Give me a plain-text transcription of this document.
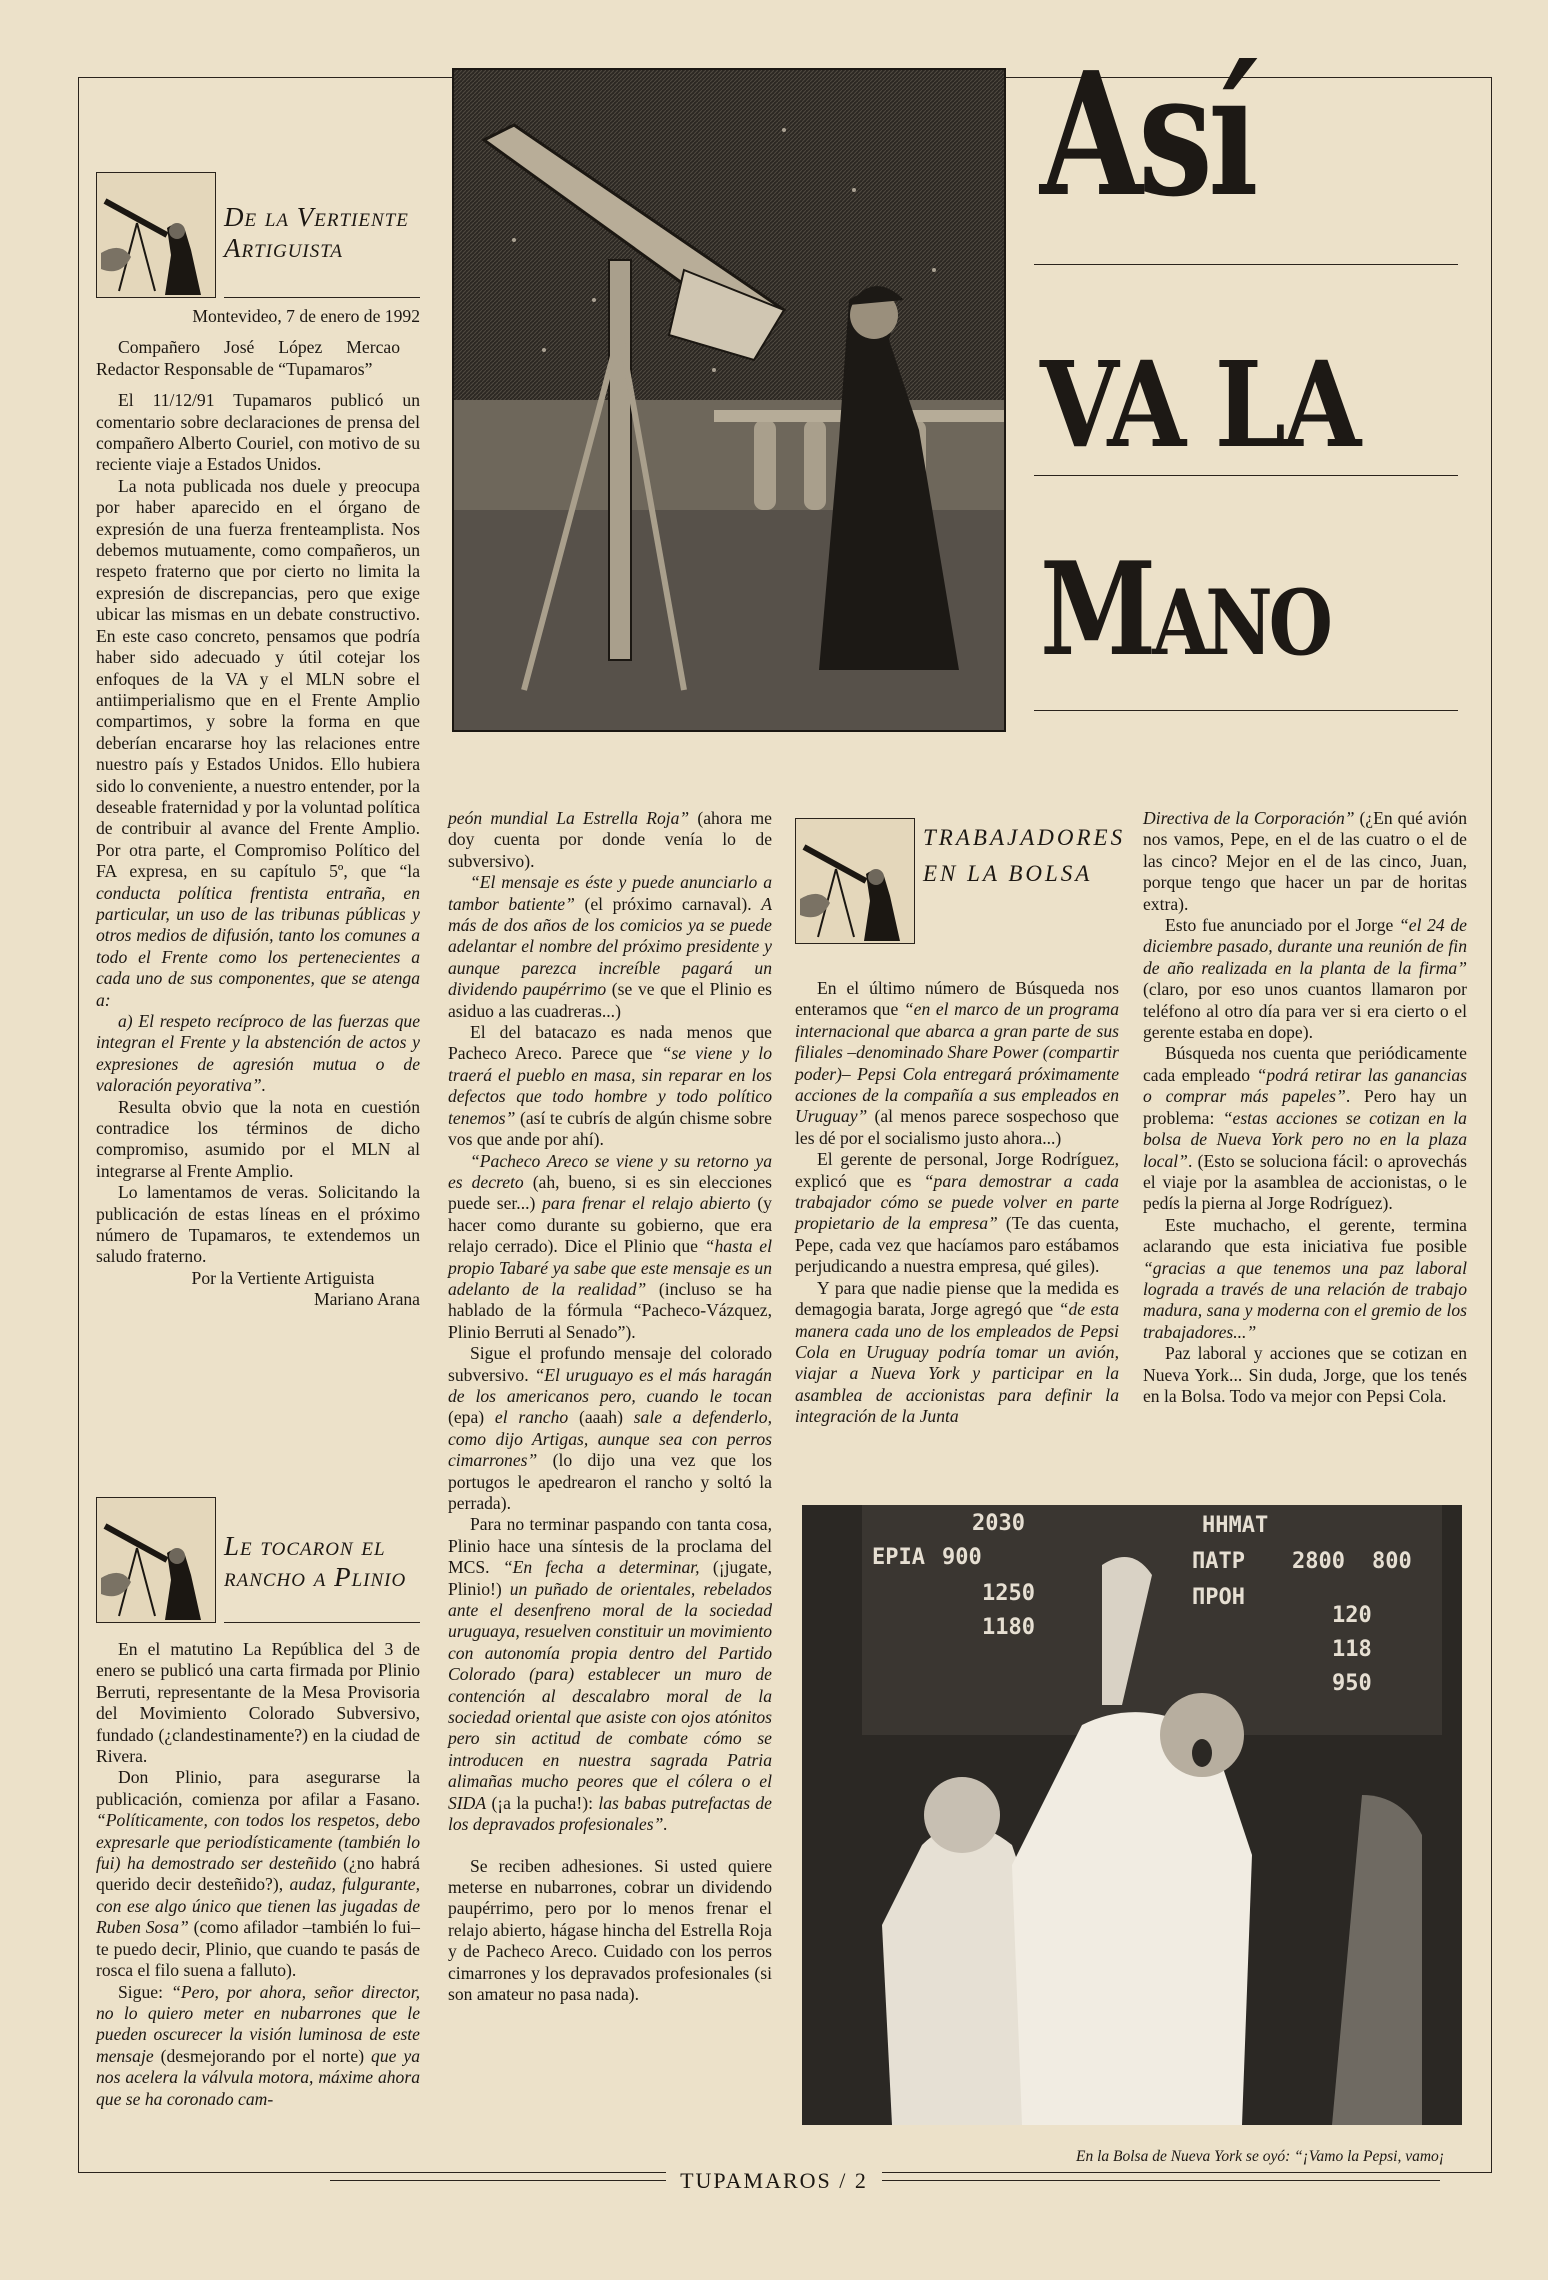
Así
VA LA
Mano
De la Vertiente Artiguista

Montevideo, 7 de enero de 1992

Compañero José López Mercao Redactor Responsable de “Tupamaros”

El 11/12/91 Tupamaros publicó un comentario sobre declaraciones de prensa del compañero Alberto Couriel, con motivo de su reciente viaje a Estados Unidos.

La nota publicada nos duele y preocupa por haber aparecido en el órgano de expresión de una fuerza frenteamplista. Nos debemos mutuamente, como compañeros, un respeto fraterno que por cierto no limita la expresión de discrepancias, pero que exige ubicar las mismas en un debate constructivo. En este caso concreto, pensamos que podría haber sido adecuado y útil cotejar los enfoques de la VA y el MLN sobre el antiimperialismo que en el Frente Amplio compartimos, y sobre la forma en que deberían encararse hoy las relaciones entre nuestro país y Estados Unidos. Ello hubiera sido lo conveniente, a nuestro entender, por la deseable fraternidad y por la voluntad política de contribuir al avance del Frente Amplio. Por otra parte, el Compromiso Político del FA expresa, en su capítulo 5º, que “la conducta política frentista entraña, en particular, un uso de las tribunas públicas y otros medios de difusión, tanto los comunes a todo el Frente como los pertenecientes a cada uno de sus componentes, que se atenga a:

a) El respeto recíproco de las fuerzas que integran el Frente y la abstención de actos y expresiones de agresión mutua o de valoración peyorativa”.

Resulta obvio que la nota en cuestión contradice los términos de dicho compromiso, asumido por el MLN al integrarse al Frente Amplio.

Lo lamentamos de veras. Solicitando la publicación de estas líneas en el próximo número de Tupamaros, te extendemos un saludo fraterno.

Por la Vertiente Artiguista

Mariano Arana

Le tocaron el rancho a Plinio

En el matutino La República del 3 de enero se publicó una carta firmada por Plinio Berruti, representante de la Mesa Provisoria del Movimiento Colorado Subversivo, fundado (¿clandestinamente?) en la ciudad de Rivera.

Don Plinio, para asegurarse la publicación, comienza por afilar a Fasano. “Políticamente, con todos los respetos, debo expresarle que periodísticamente (también lo fui) ha demostrado ser desteñido (¿no habrá querido decir desteñido?), audaz, fulgurante, con ese algo único que tienen las jugadas de Ruben Sosa” (como afilador –también lo fui– te puedo decir, Plinio, que cuando te pasás de rosca el filo suena a falluto).

Sigue: “Pero, por ahora, señor director, no lo quiero meter en nubarrones que le pueden oscurecer la visión luminosa de este mensaje (desmejorando por el norte) que ya nos acelera la válvula motora, máxime ahora que se ha coronado cam-

peón mundial La Estrella Roja” (ahora me doy cuenta por donde venía lo de subversivo).

“El mensaje es éste y puede anunciarlo a tambor batiente” (el próximo carnaval). A más de dos años de los comicios ya se puede adelantar el nombre del próximo presidente y aunque parezca increíble pagará un dividendo paupérrimo (se ve que el Plinio es asiduo a las cuadreras...)

El del batacazo es nada menos que Pacheco Areco. Parece que “se viene y lo traerá el pueblo en masa, sin reparar en los defectos que todo hombre y todo político tenemos” (así te cubrís de algún chisme sobre vos que ande por ahí).

“Pacheco Areco se viene y su retorno ya es decreto (ah, bueno, si es sin elecciones puede ser...) para frenar el relajo abierto (y hacer como durante su gobierno, que era relajo cerrado). Dice el Plinio que “hasta el propio Tabaré ya sabe que este mensaje es un adelanto de la realidad” (incluso se ha hablado de la fórmula “Pacheco-Vázquez, Plinio Berruti al Senado”).

Sigue el profundo mensaje del colorado subversivo. “El uruguayo es el más haragán de los americanos pero, cuando le tocan (epa) el rancho (aaah) sale a defenderlo, como dijo Artigas, aunque sea con perros cimarrones” (lo dijo una vez que los portugos le apedrearon el rancho y soltó la perrada).

Para no terminar paspando con tanta cosa, Plinio hace una síntesis de la proclama del MCS. “En fecha a determinar, (¡jugate, Plinio!) un puñado de orientales, rebelados ante el desenfreno moral de la sociedad uruguaya, resuelven constituir un movimiento con autonomía propia dentro del Partido Colorado (para) establecer un muro de contención al descalabro moral de la sociedad oriental que asiste con ojos atónitos pero sin actitud de combate cómo se introducen en nuestra sagrada Patria alimañas mucho peores que el cólera o el SIDA (¡a la pucha!): las babas putrefactas de los depravados profesionales”.

Se reciben adhesiones. Si usted quiere meterse en nubarrones, cobrar un dividendo paupérrimo, pero por lo menos frenar el relajo abierto, hágase hincha del Estrella Roja y de Pacheco Areco. Cuidado con los perros cimarrones y los depravados profesionales (si son amateur no pasa nada).

TRABAJADORES EN LA BOLSA

En el último número de Búsqueda nos enteramos que “en el marco de un programa internacional que abarca a gran parte de sus filiales –denominado Share Power (compartir poder)– Pepsi Cola entregará próximamente acciones de la compañía a sus empleados en Uruguay” (al menos parece sospechoso que les dé por el socialismo justo ahora...)

El gerente de personal, Jorge Rodríguez, explicó que es “para demostrar a cada trabajador cómo se puede volver en parte propietario de la empresa” (Te das cuenta, Pepe, cada vez que hacíamos paro estábamos perjudicando a nuestra empresa, qué giles).

Y para que nadie piense que la medida es demagogia barata, Jorge agregó que “de esta manera cada uno de los empleados de Pepsi Cola en Uruguay podría tomar un avión, viajar a Nueva York y participar en la asamblea de accionistas para definir la integración de la Junta

Directiva de la Corporación” (¿En qué avión nos vamos, Pepe, en el de las cuatro o el de las cinco? Mejor en el de las cinco, Juan, porque tengo que hacer un par de horitas extra).

Esto fue anunciado por el Jorge “el 24 de diciembre pasado, durante una reunión de fin de año realizada en la planta de la firma” (claro, por eso unos cuantos llamaron por teléfono al otro día para ver si era cierto o el gerente estaba en dope).

Búsqueda nos cuenta que periódicamente cada empleado “podrá retirar las ganancias o comprar más papeles”. Pero hay un problema: “estas acciones se cotizan en la bolsa de Nueva York pero no en la plaza local”. (Esto se soluciona fácil: o aprovechás el viaje por la asamblea de accionistas, o le pedís la pierna al Jorge Rodríguez).

Este muchacho, el gerente, termina aclarando que esta iniciativa fue posible “gracias a que tenemos una paz laboral lograda a través de una relación de trabajo madura, sana y moderna con el gremio de los trabajadores...”

Paz laboral y acciones que se cotizan en Nueva York... Sin duda, Jorge, que los tenés en la Bolsa. Todo va mejor con Pepsi Cola.

2030
ЕРІА 900
1250
1180
ННМАТ
ПАТР 2800 800
ПРОН
120
118
950
En la Bolsa de Nueva York se oyó: “¡Vamo la Pepsi, vamo¡
TUPAMAROS / 2
